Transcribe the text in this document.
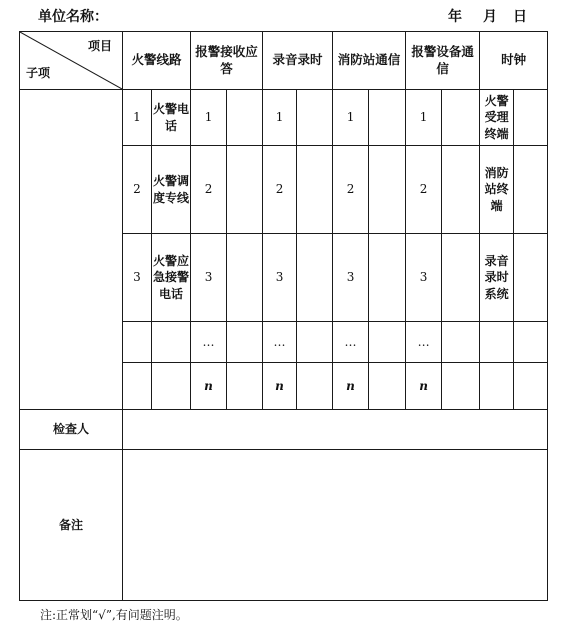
单位名称：	年 月 日
项目
子项	火警线路		报警接收应答		录音录时		消防站通信		报警设备通信		时钟	
	1	火警电话	1		1		1		1		火警受理终端	
	2	火警调度专线	2		2		2		2		消防站终端	
	3	火警应急接警电话	3		3		3		3		录音录时系统	
			…		…		…		…			
			n		n		n		n			
检查人												
备注												
注:正常划“√”,有问题注明。
